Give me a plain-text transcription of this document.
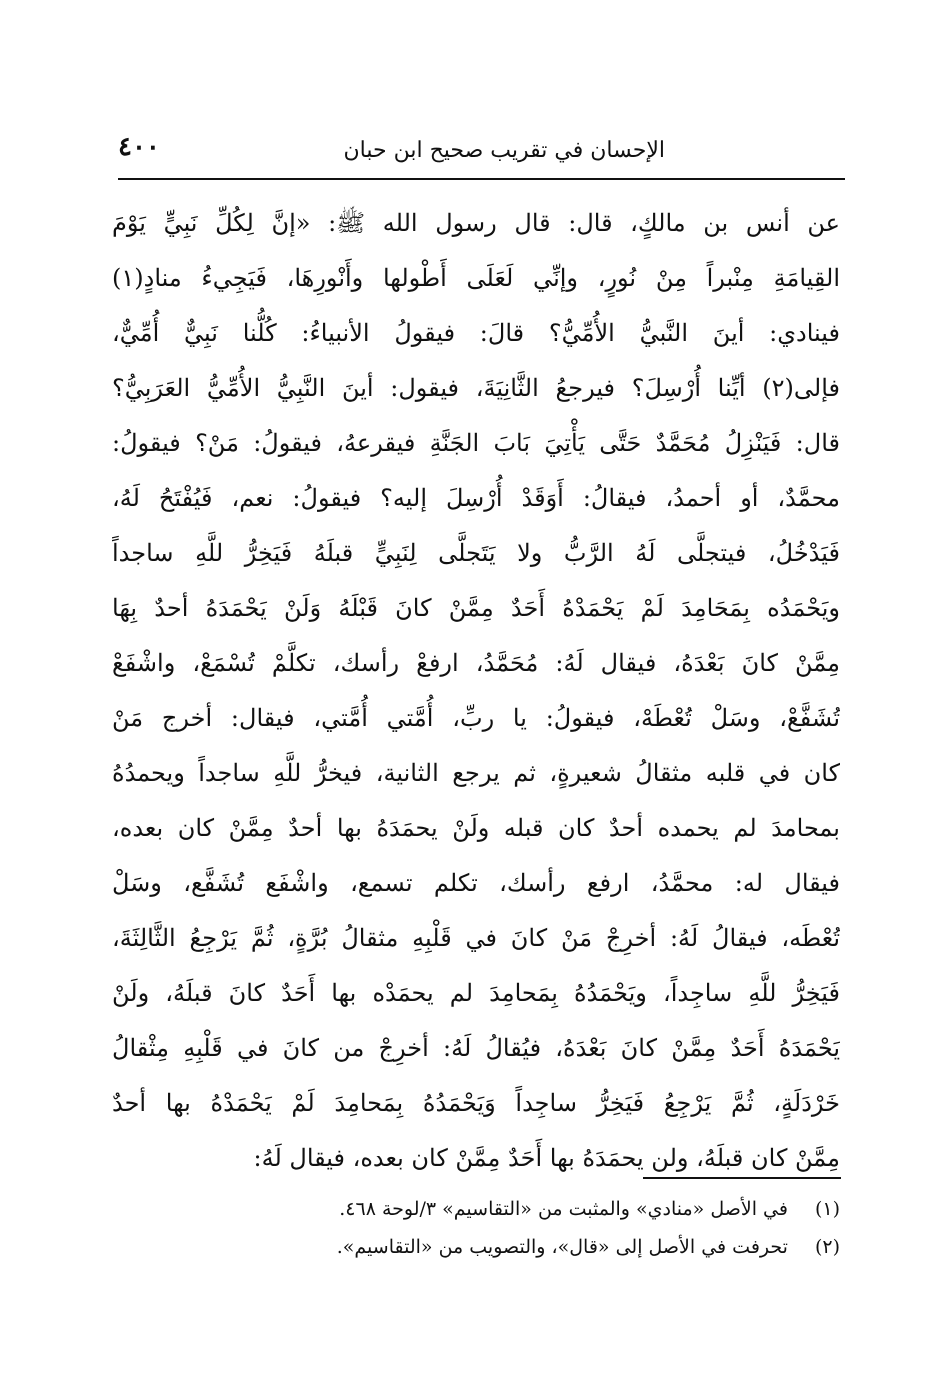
الإحسان في تقريب صحيح ابن حبان
٤٠٠
عن أنس بن مالكٍ، قال: قال رسول الله ﷺ: «إنَّ لِكُلِّ نَبِيٍّ يَوْمَ
القِيامَةِ مِنْبراً مِنْ نُورٍ، وإنِّي لَعَلَى أَطْولها وأَنْورِهَا، فَيَجِيءُ منادٍ(١)
فينادي: أينَ النَّبيُّ الأُمِّيُّ؟ قالَ: فيقولُ الأنبياءُ: كُلُّنا نَبِيٌّ أُمِّيٌّ،
فإلى(٢) أيِّنا أُرْسِلَ؟ فيرجعُ الثَّانِيَةَ، فيقول: أينَ النَّبِيُّ الأُمِّيُّ العَرَبِيُّ؟
قال: فَيَنْزِلُ مُحَمَّدٌ حَتَّى يَأْتِيَ بَابَ الجَنَّةِ فيقرعهُ، فيقولُ: مَنْ؟ فيقولُ:
محمَّدٌ، أو أحمدُ، فيقالُ: أَوَقَدْ أُرْسِلَ إليه؟ فيقولُ: نعم، فَيُفْتَحُ لَهُ،
فَيَدْخُلُ، فيتجلَّى لَهُ الرَّبُّ ولا يَتَجلَّى لِنَبِيٍّ قبلَهُ فَيَخِرُّ للَّهِ ساجداً
ويَحْمَدُه بِمَحَامِدَ لَمْ يَحْمَدْهُ أَحَدٌ مِمَّنْ كانَ قَبْلَهُ وَلَنْ يَحْمَدَهُ أحدٌ بِهَا
مِمَّنْ كانَ بَعْدَهُ، فيقال لَهُ: مُحَمَّدُ، ارفعْ رأسك، تكلَّمْ تُسْمَعْ، واشْفَعْ
تُشَفَّعْ، وسَلْ تُعْطَهْ، فيقولُ: يا ربِّ، أُمَّتي أُمَّتي، فيقال: أخرج مَنْ
كان في قلبه مثقالُ شعيرةٍ، ثم يرجع الثانية، فيخرُّ للَّهِ ساجداً ويحمدُهُ
بمحامدَ لم يحمده أحدٌ كان قبله ولَنْ يحمَدَهُ بها أحدٌ مِمَّنْ كان بعده،
فيقال له: محمَّدُ، ارفع رأسك، تكلم تسمع، واشْفَع تُشَفَّع، وسَلْ
تُعْطَه، فيقالُ لَهُ: أخرِجْ مَنْ كانَ في قَلْبِهِ مثقالُ بُرَّةٍ، ثُمَّ يَرْجِعُ الثَّالِثَةَ،
فَيَخِرُّ للَّهِ ساجِداً، ويَحْمَدُهُ بِمَحامِدَ لم يحمَدْه بها أَحَدٌ كانَ قبلَهُ، ولَنْ
يَحْمَدَهُ أَحَدٌ مِمَّنْ كانَ بَعْدَهُ، فيُقالُ لَهُ: أخرِجْ من كانَ في قَلْبِهِ مِثْقالُ
خَرْدَلَةٍ، ثُمَّ يَرْجِعُ فَيَخِرُّ ساجِداً وَيَحْمَدُهُ بِمَحامِدَ لَمْ يَحْمَدْهُ بها أحدٌ
مِمَّنْ كان قبلَهُ، ولن يحمَدَهُ بها أَحَدٌ مِمَّنْ كان بعده، فيقال لَهُ:
(١) في الأصل «منادي» والمثبت من «التقاسيم» ٣/لوحة ٤٦٨.
(٢) تحرفت في الأصل إلى «قال»، والتصويب من «التقاسيم».
